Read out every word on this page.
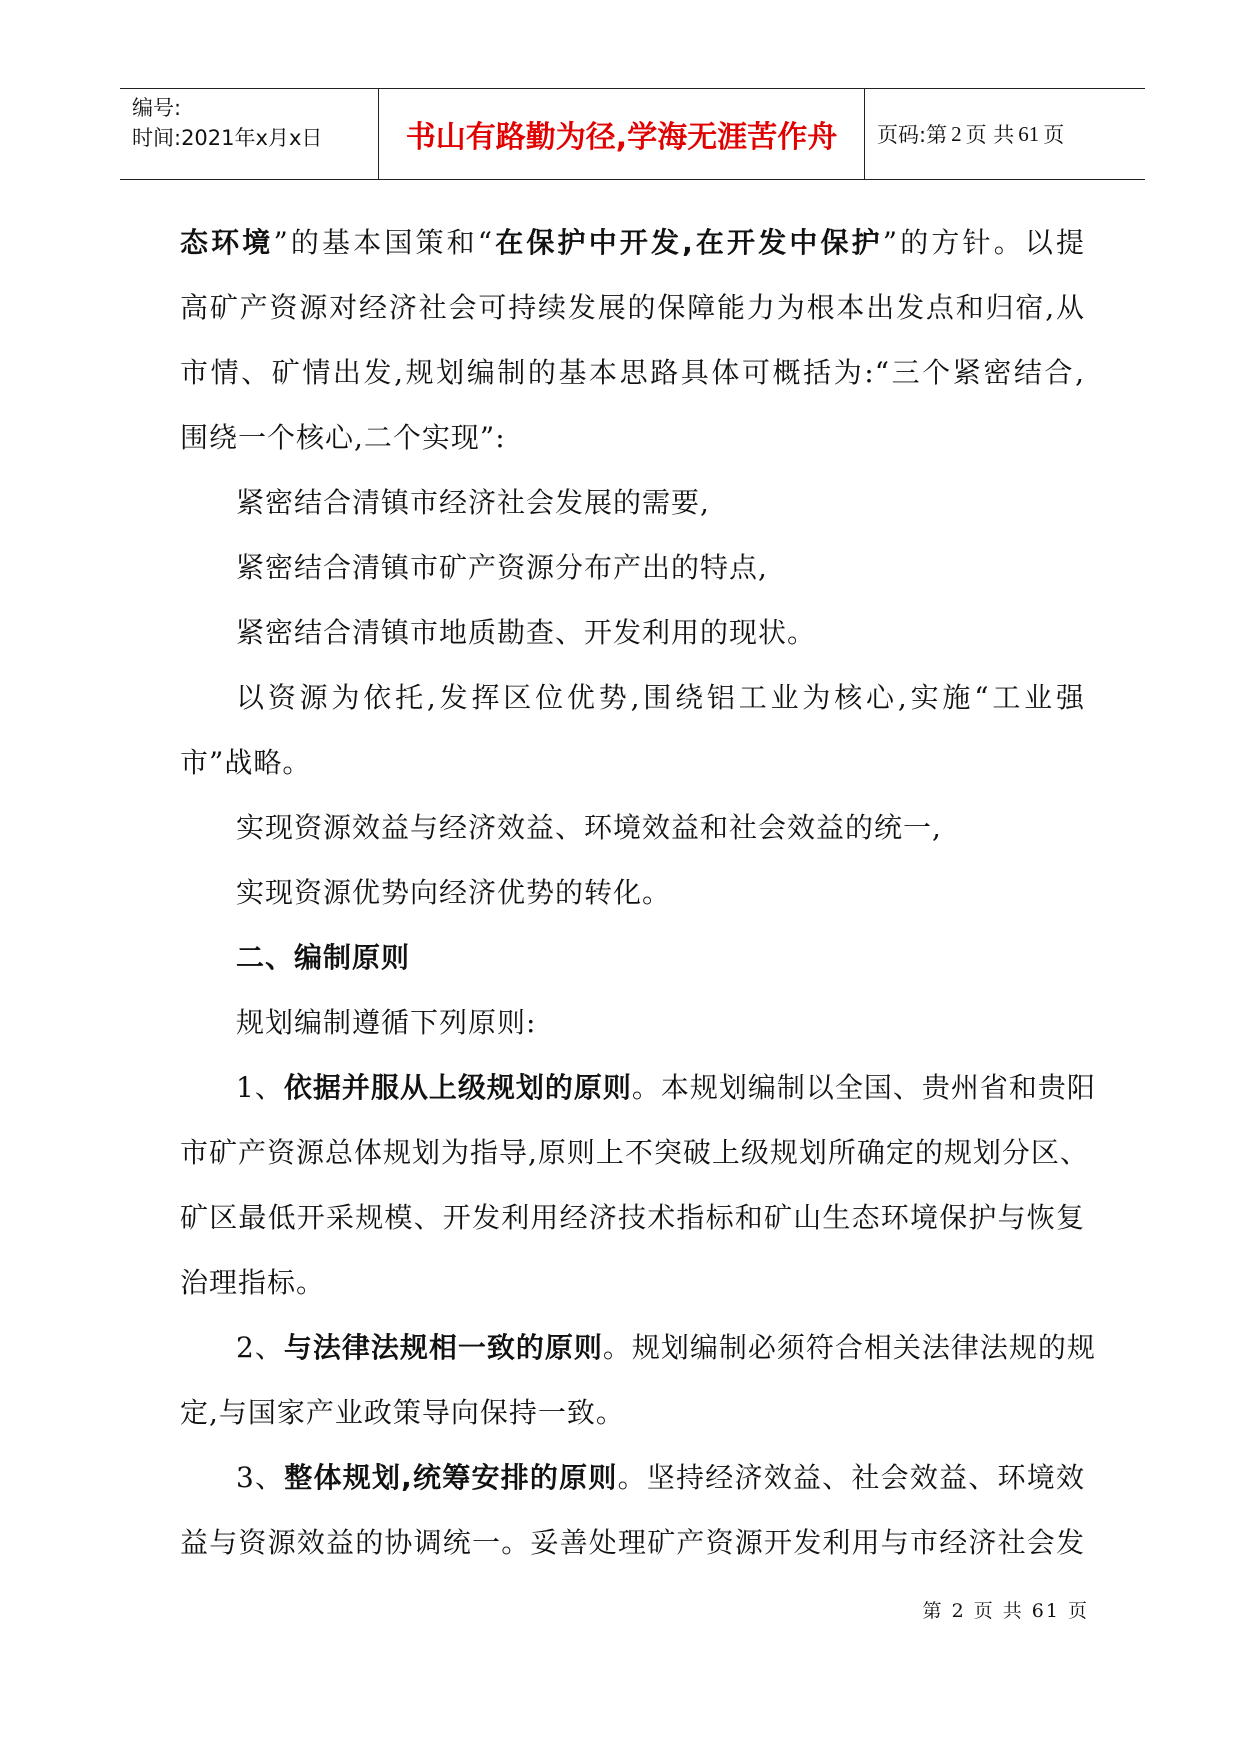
编号:
时间:2021年x月x日	书山有路勤为径,学海无涯苦作舟	页码:第 2 页 共 61 页
态环境”的基本国策和“在保护中开发,在开发中保护”的方针。以提
高矿产资源对经济社会可持续发展的保障能力为根本出发点和归宿,从
市情、矿情出发,规划编制的基本思路具体可概括为:“三个紧密结合,
围绕一个核心,二个实现”:
紧密结合清镇市经济社会发展的需要,
紧密结合清镇市矿产资源分布产出的特点,
紧密结合清镇市地质勘查、开发利用的现状。
以资源为依托,发挥区位优势,围绕铝工业为核心,实施“工业强
市”战略。
实现资源效益与经济效益、环境效益和社会效益的统一,
实现资源优势向经济优势的转化。
二、编制原则
规划编制遵循下列原则:
1、依据并服从上级规划的原则。本规划编制以全国、贵州省和贵阳
市矿产资源总体规划为指导,原则上不突破上级规划所确定的规划分区、
矿区最低开采规模、开发利用经济技术指标和矿山生态环境保护与恢复
治理指标。
2、与法律法规相一致的原则。规划编制必须符合相关法律法规的规
定,与国家产业政策导向保持一致。
3、整体规划,统筹安排的原则。坚持经济效益、社会效益、环境效
益与资源效益的协调统一。妥善处理矿产资源开发利用与市经济社会发
第 2 页 共 61 页
